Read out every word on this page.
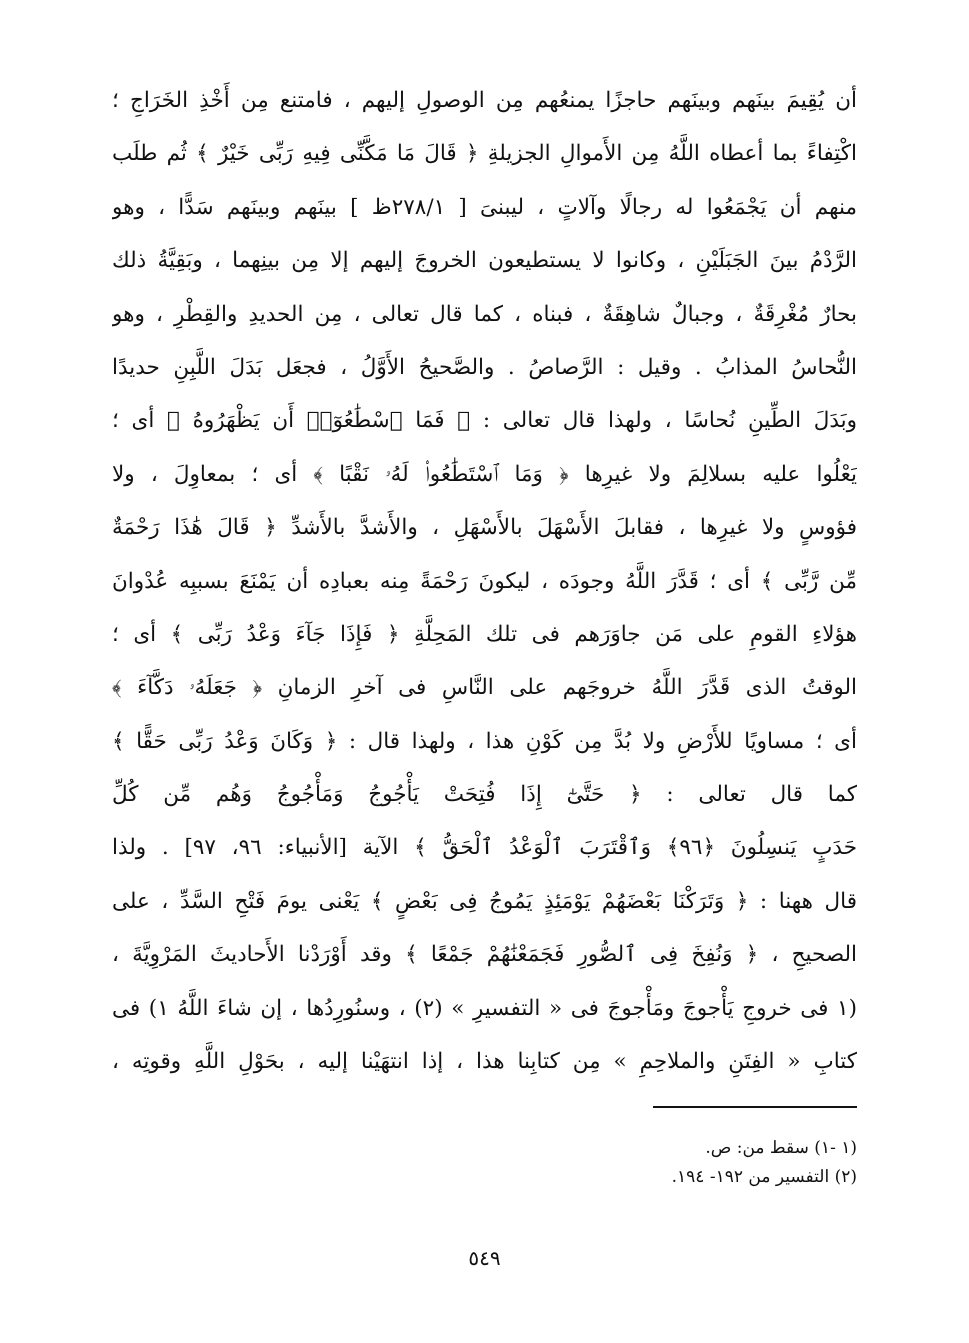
أن يُقِيمَ بينَهم وبينَهم حاجزًا يمنعُهم مِن الوصولِ إليهم ، فامتنع مِن أَخْذِ الخَرَاجِ ؛
اكْتِفاءً بما أعطاه اللَّهُ مِن الأَموالِ الجزيلةِ ﴿ قَالَ مَا مَكَّنِّى فِيهِ رَبِّى خَيْرٌ ﴾ ثُم طلَب
منهم أن يَجْمَعُوا له رجالًا وآلاتٍ ، ليبنىَ [ ٢٧٨/١ظ ] بينَهم وبينَهم سَدًّا ، وهو
الرَّدْمُ بينَ الجَبَلَيْنِ ، وكانوا لا يستطيعون الخروجَ إليهم إلا مِن بينِهما ، وبَقِيَّةُ ذلك
بحارٌ مُغْرِقَةٌ ، وجبالٌ شاهِقَةٌ ، فبناه ، كما قال تعالى ، مِن الحديدِ والقِطْرِ ، وهو
النُّحاسُ المذابُ . وقيل : الرَّصاصُ . والصَّحيحُ الأَوَّلُ ، فجعَل بَدَلَ اللَّبِنِ حديدًا
وبَدَلَ الطِّينِ نُحاسًا ، ولهذا قال تعالى : ﴿ فَمَا ٱسْطَٰعُوٓا۟ أَن يَظْهَرُوهُ ﴾ أى ؛
يَعْلُوا عليه بسلالِمَ ولا غيرِها ﴿ وَمَا ٱسْتَطَٰعُوا۟ لَهُۥ نَقْبًا ﴾ أى ؛ بمعاوِلَ ، ولا
فؤوسٍ ولا غيرِها ، فقابلَ الأَسْهَلَ بالأَسْهَلِ ، والأَشدَّ بالأَشدِّ ﴿ قَالَ هَٰذَا رَحْمَةٌ
مِّن رَّبِّى ﴾ أى ؛ قَدَّرَ اللَّهُ وجودَه ، ليكونَ رَحْمَةً مِنه بعبادِه أن يَمْنَعَ بسببِه عُدْوانَ
هؤلاءِ القومِ على مَن جاوَرَهم فى تلك المَحِلَّةِ ﴿ فَإِذَا جَآءَ وَعْدُ رَبِّى ﴾ أى ؛
الوقتُ الذى قَدَّرَ اللَّهُ خروجَهم على النَّاسِ فى آخرِ الزمانِ ﴿ جَعَلَهُۥ دَكَّآءَ ﴾
أى ؛ مساويًا للأَرْضِ ولا بُدَّ مِن كَوْنِ هذا ، ولهذا قال : ﴿ وَكَانَ وَعْدُ رَبِّى حَقًّا ﴾
كما قال تعالى : ﴿ حَتَّىٰٓ إِذَا فُتِحَتْ يَأْجُوجُ وَمَأْجُوجُ وَهُم مِّن كُلِّ
حَدَبٍ يَنسِلُونَ ﴿٩٦﴾ وَٱقْتَرَبَ ٱلْوَعْدُ ٱلْحَقُّ ﴾ الآية [الأنبياء: ٩٦، ٩٧] . ولذا
قال ههنا : ﴿ وَتَرَكْنَا بَعْضَهُمْ يَوْمَئِذٍ يَمُوجُ فِى بَعْضٍ ﴾ يَعْنى يومَ فَتْحِ السَّدِّ ، على
الصحيحِ ، ﴿ وَنُفِخَ فِى ٱلصُّورِ فَجَمَعْنَٰهُمْ جَمْعًا ﴾ وقد أَوْرَدْنا الأَحاديثَ المَرْوِيَّةَ ،
(١ فى خروجِ يَأْجوجَ ومَأْجوجَ فى « التفسيرِ » (٢) ، وسنُورِدُها ، إن شاءَ اللَّهُ ١) فى
كتابِ « الفِتَنِ والملاحِمِ » مِن كتابِنا هذا ، إذا انتهَيْنا إليه ، بحَوْلِ اللَّهِ وقوتِه ،
(١ -١) سقط من: ص.
(٢) التفسير من ١٩٢- ١٩٤.
٥٤٩
